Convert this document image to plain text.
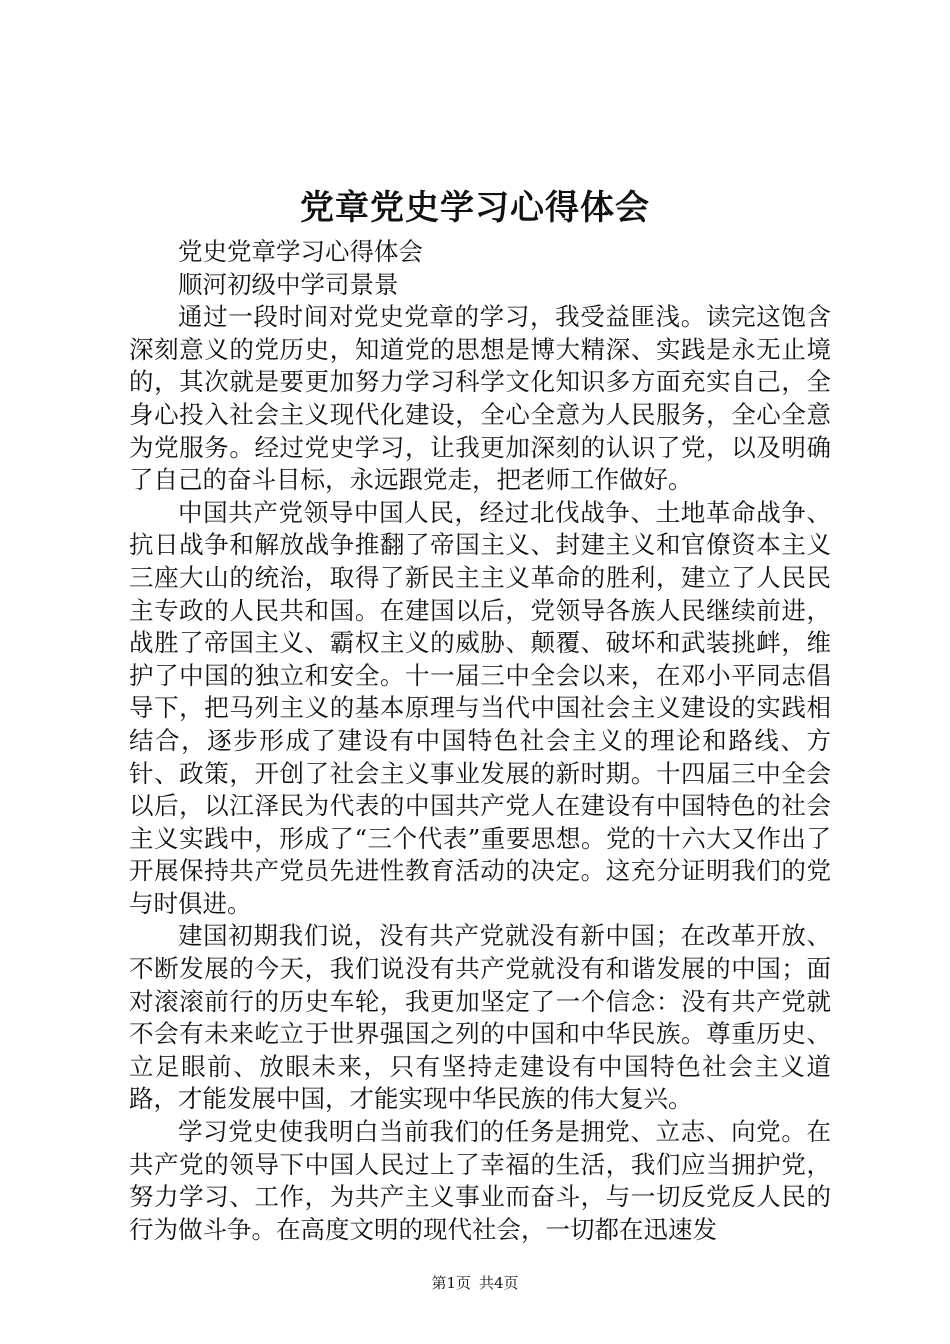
党章党史学习心得体会

党史党章学习心得体会

顺河初级中学司景景

通过一段时间对党史党章的学习，我受益匪浅。读完这饱含深刻意义的党历史，知道党的思想是博大精深、实践是永无止境的，其次就是要更加努力学习科学文化知识多方面充实自己，全身心投入社会主义现代化建设，全心全意为人民服务，全心全意为党服务。经过党史学习，让我更加深刻的认识了党，以及明确了自己的奋斗目标，永远跟党走，把老师工作做好。

中国共产党领导中国人民，经过北伐战争、土地革命战争、抗日战争和解放战争推翻了帝国主义、封建主义和官僚资本主义三座大山的统治，取得了新民主主义革命的胜利，建立了人民民主专政的人民共和国。在建国以后，党领导各族人民继续前进，战胜了帝国主义、霸权主义的威胁、颠覆、破坏和武装挑衅，维护了中国的独立和安全。十一届三中全会以来，在邓小平同志倡导下，把马列主义的基本原理与当代中国社会主义建设的实践相结合，逐步形成了建设有中国特色社会主义的理论和路线、方针、政策，开创了社会主义事业发展的新时期。十四届三中全会以后，以江泽民为代表的中国共产党人在建设有中国特色的社会主义实践中，形成了“三个代表”重要思想。党的十六大又作出了开展保持共产党员先进性教育活动的决定。这充分证明我们的党与时俱进。

建国初期我们说，没有共产党就没有新中国；在改革开放、不断发展的今天，我们说没有共产党就没有和谐发展的中国；面对滚滚前行的历史车轮，我更加坚定了一个信念：没有共产党就不会有未来屹立于世界强国之列的中国和中华民族。尊重历史、立足眼前、放眼未来，只有坚持走建设有中国特色社会主义道路，才能发展中国，才能实现中华民族的伟大复兴。

学习党史使我明白当前我们的任务是拥党、立志、向党。在共产党的领导下中国人民过上了幸福的生活，我们应当拥护党，努力学习、工作，为共产主义事业而奋斗，与一切反党反人民的行为做斗争。在高度文明的现代社会，一切都在迅速发

第1页 共4页
